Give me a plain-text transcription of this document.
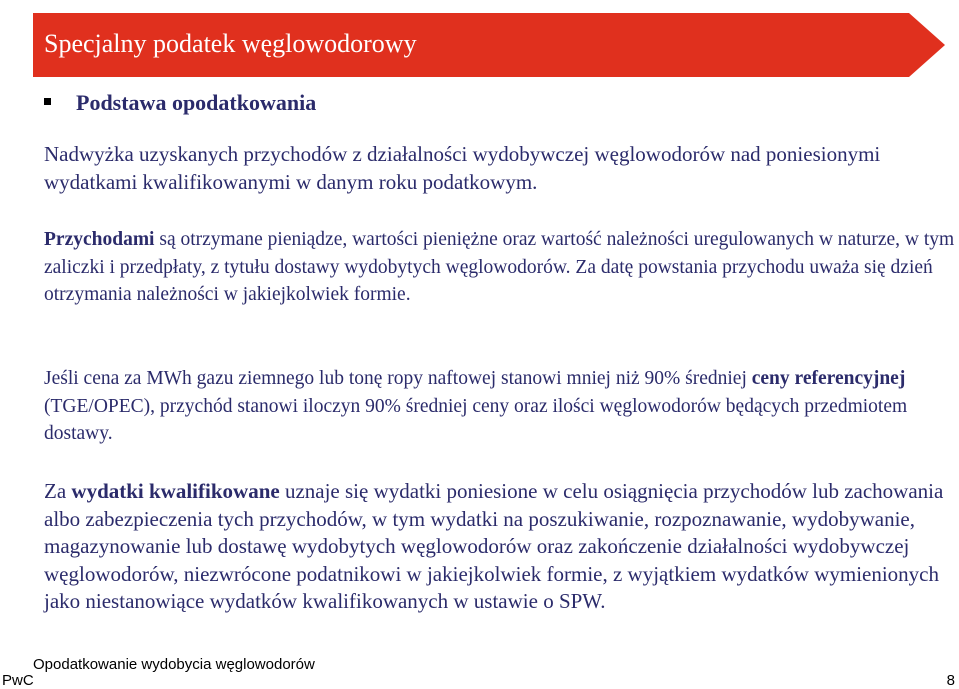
Specjalny podatek węglowodorowy
Podstawa opodatkowania

Nadwyżka uzyskanych przychodów z działalności wydobywczej węglowodorów nad poniesionymi wydatkami kwalifikowanymi w danym roku podatkowym.

Przychodami są otrzymane pieniądze, wartości pieniężne oraz wartość należności uregulowanych w naturze, w tym zaliczki i przedpłaty, z tytułu dostawy wydobytych węglowodorów. Za datę powstania przychodu uważa się dzień otrzymania należności w jakiejkolwiek formie.

Jeśli cena za MWh gazu ziemnego lub tonę ropy naftowej stanowi mniej niż 90% średniej ceny referencyjnej (TGE/OPEC), przychód stanowi iloczyn 90% średniej ceny oraz ilości węglowodorów będących przedmiotem dostawy.

Za wydatki kwalifikowane uznaje się wydatki poniesione w celu osiągnięcia przychodów lub zachowania albo zabezpieczenia tych przychodów, w tym wydatki na poszukiwanie, rozpoznawanie, wydobywanie, magazynowanie lub dostawę wydobytych węglowodorów oraz zakończenie działalności wydobywczej węglowodorów, niezwrócone podatnikowi w jakiejkolwiek formie, z wyjątkiem wydatków wymienionych jako niestanowiące wydatków kwalifikowanych w ustawie o SPW.

Opodatkowanie wydobycia węglowodorów
PwC	8
